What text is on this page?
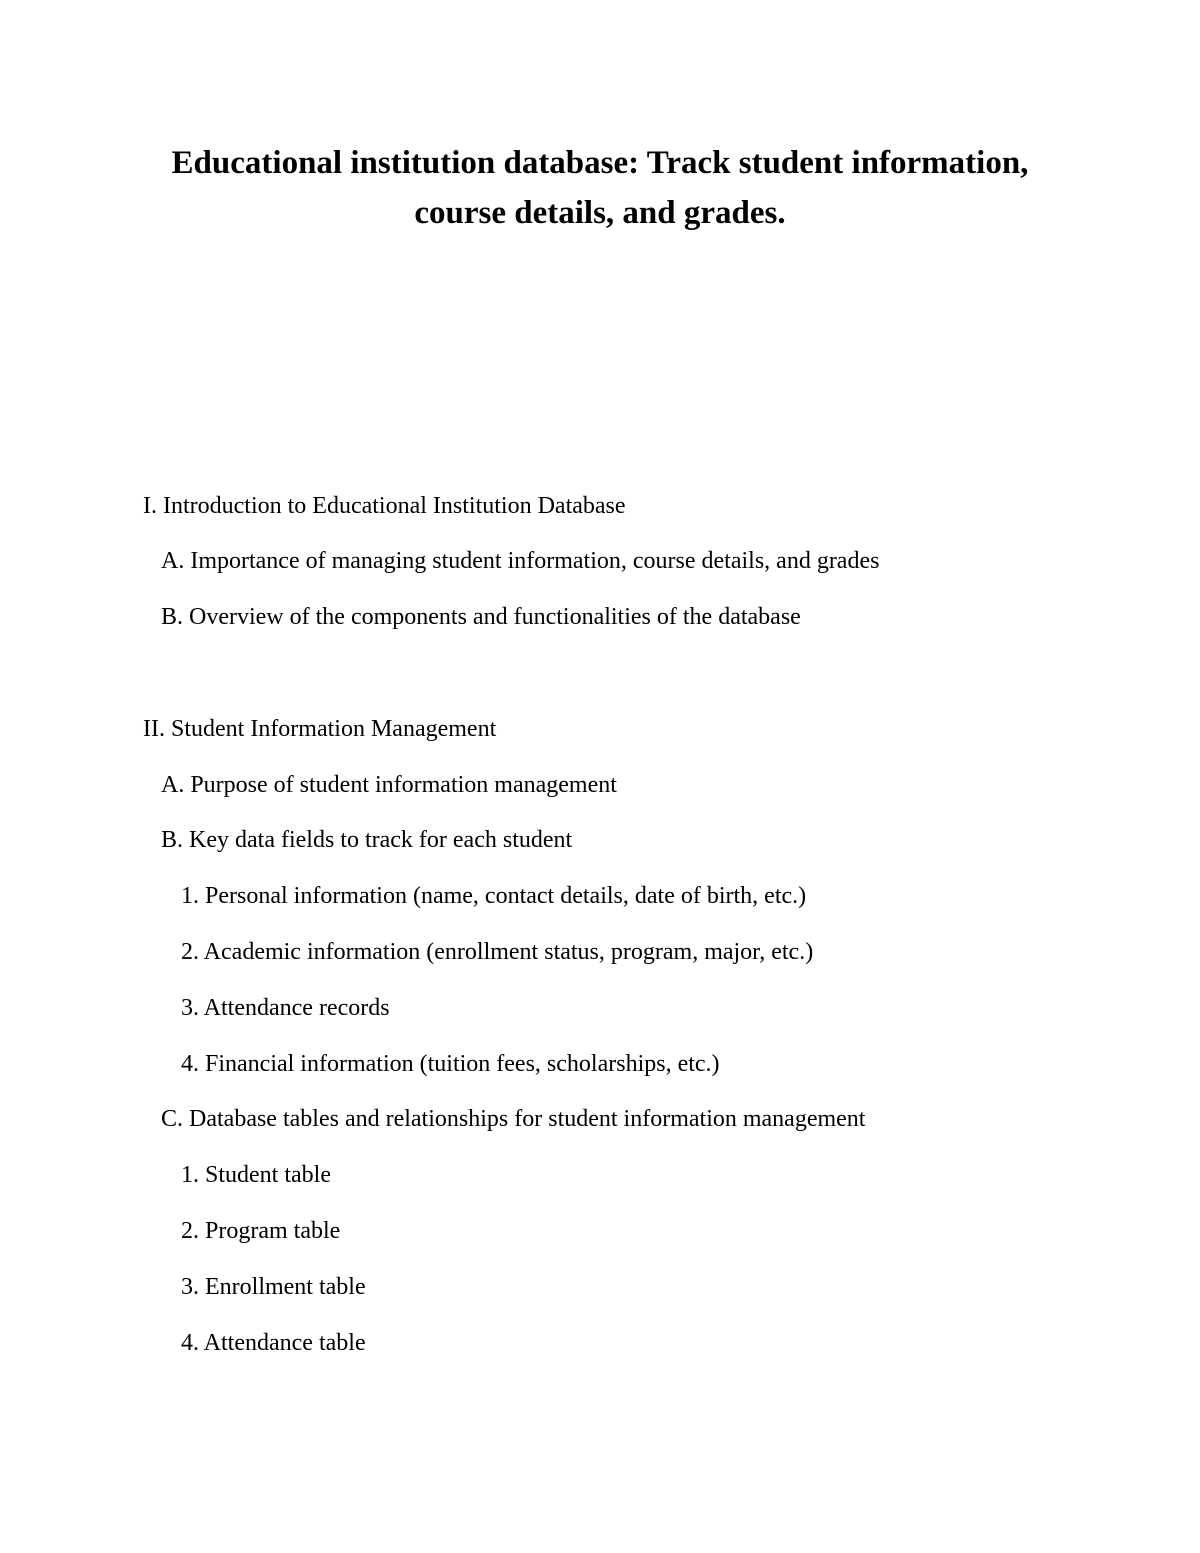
Educational institution database: Track student information,
course details, and grades.

I. Introduction to Educational Institution Database

A. Importance of managing student information, course details, and grades

B. Overview of the components and functionalities of the database

II. Student Information Management

A. Purpose of student information management

B. Key data fields to track for each student

1. Personal information (name, contact details, date of birth, etc.)

2. Academic information (enrollment status, program, major, etc.)

3. Attendance records

4. Financial information (tuition fees, scholarships, etc.)

C. Database tables and relationships for student information management

1. Student table

2. Program table

3. Enrollment table

4. Attendance table
